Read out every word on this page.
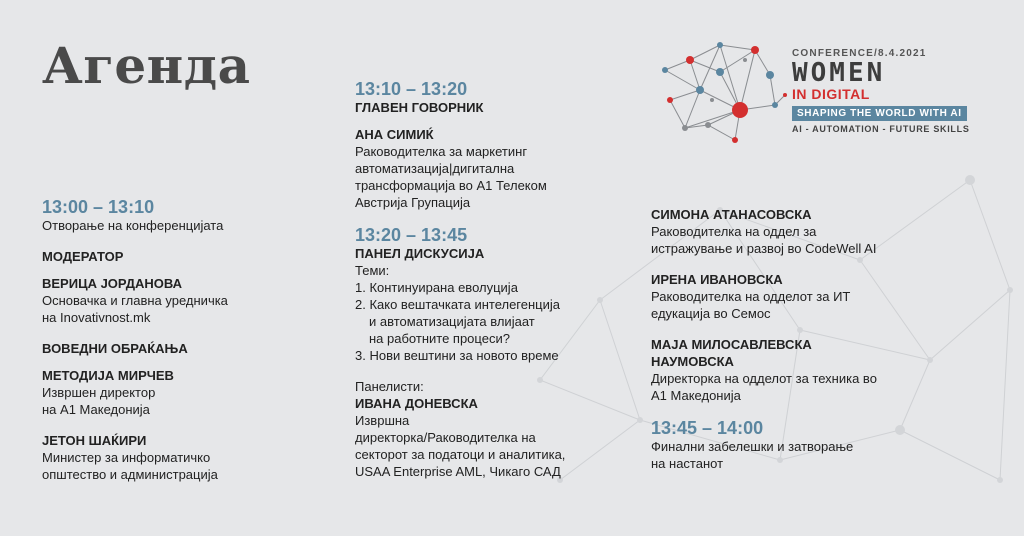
Агенда	CONFERENCE/8.4.2021
WOMEN
IN DIGITAL
SHAPING THE WORLD WITH AI
AI - AUTOMATION - FUTURE SKILLS
13:00 – 13:10
Отворање на конференцијата
МОДЕРАТОР
ВЕРИЦА ЈОРДАНОВА
Основачка и главна уредничка
на Inovativnost.mk
ВОВЕДНИ ОБРАЌАЊА
МЕТОДИЈА МИРЧЕВ
Извршен директор
на А1 Македонија
ЈЕТОН ШАЌИРИ
Министер за информатичко
општество и администрација
13:10 – 13:20
ГЛАВЕН ГОВОРНИК
АНА СИМИЌ
Раководителка за маркетинг
автоматизација|дигитална
трансформација во А1 Телеком
Австрија Групација
13:20 – 13:45
ПАНЕЛ ДИСКУСИЈА
Теми:
1. Континуирана еволуција
2. Како вештачката интелегенција
и автоматизацијата влијаат
на работните процеси?
3. Нови вештини за новото време
Панелисти:
ИВАНА ДОНЕВСКА
Извршна
директорка/Раководителка на
секторот за податоци и аналитика,
USAA Enterprise AML, Чикаго САД
СИМОНА АТАНАСОВСКА
Раководителка на оддел за
истражување и развој во CodeWell AI
ИРЕНА ИВАНОВСКА
Раководителка на одделот за ИТ
едукација во Семос
МАЈА МИЛОСАВЛЕВСКА
НАУМОВСКА
Директорка на одделот за техника во
А1 Македонија
13:45 – 14:00
Финални забелешки и затворање
на настанот
